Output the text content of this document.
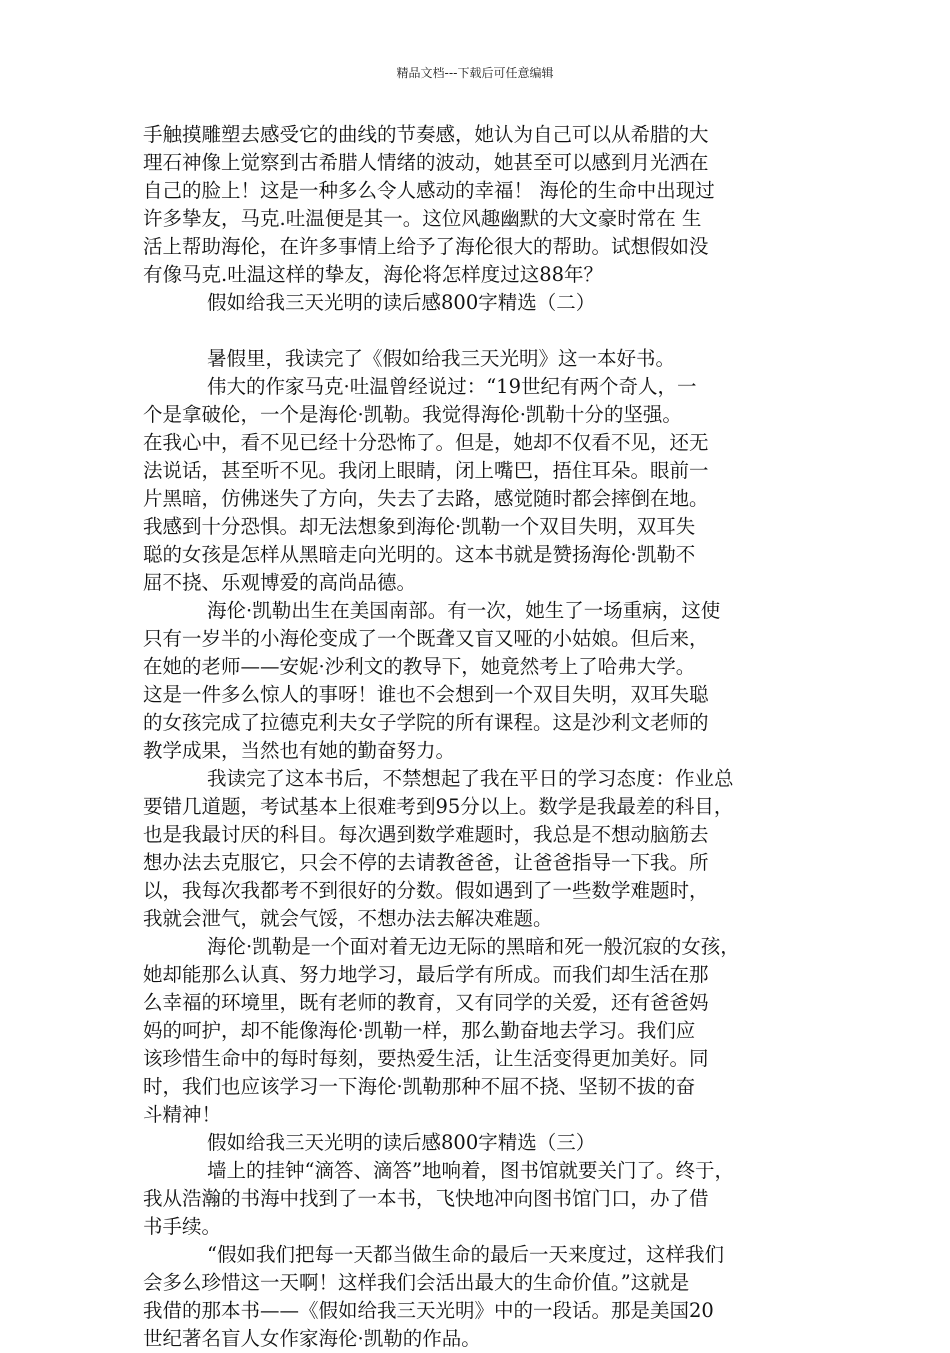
精品文档---下载后可任意编辑
手触摸雕塑去感受它的曲线的节奏感，她认为自己可以从希腊的大
理石神像上觉察到古希腊人情绪的波动，她甚至可以感到月光洒在
自己的脸上！这是一种多么令人感动的幸福！ 海伦的生命中出现过
许多挚友，马克.吐温便是其一。这位风趣幽默的大文豪时常在 生
活上帮助海伦，在许多事情上给予了海伦很大的帮助。试想假如没
有像马克.吐温这样的挚友，海伦将怎样度过这88年？
假如给我三天光明的读后感800字精选（二）
暑假里，我读完了《假如给我三天光明》这一本好书。
伟大的作家马克·吐温曾经说过：“19世纪有两个奇人，一
个是拿破伦，一个是海伦·凯勒。我觉得海伦·凯勒十分的坚强。
在我心中，看不见已经十分恐怖了。但是，她却不仅看不见，还无
法说话，甚至听不见。我闭上眼睛，闭上嘴巴，捂住耳朵。眼前一
片黑暗，仿佛迷失了方向，失去了去路，感觉随时都会摔倒在地。
我感到十分恐惧。却无法想象到海伦·凯勒一个双目失明，双耳失
聪的女孩是怎样从黑暗走向光明的。这本书就是赞扬海伦·凯勒不
屈不挠、乐观博爱的高尚品德。
海伦·凯勒出生在美国南部。有一次，她生了一场重病，这使
只有一岁半的小海伦变成了一个既聋又盲又哑的小姑娘。但后来，
在她的老师——安妮·沙利文的教导下，她竟然考上了哈弗大学。
这是一件多么惊人的事呀！谁也不会想到一个双目失明，双耳失聪
的女孩完成了拉德克利夫女子学院的所有课程。这是沙利文老师的
教学成果，当然也有她的勤奋努力。
我读完了这本书后，不禁想起了我在平日的学习态度：作业总
要错几道题，考试基本上很难考到95分以上。数学是我最差的科目，
也是我最讨厌的科目。每次遇到数学难题时，我总是不想动脑筋去
想办法去克服它，只会不停的去请教爸爸，让爸爸指导一下我。所
以，我每次我都考不到很好的分数。假如遇到了一些数学难题时，
我就会泄气，就会气馁，不想办法去解决难题。
海伦·凯勒是一个面对着无边无际的黑暗和死一般沉寂的女孩，
她却能那么认真、努力地学习，最后学有所成。而我们却生活在那
么幸福的环境里，既有老师的教育，又有同学的关爱，还有爸爸妈
妈的呵护，却不能像海伦·凯勒一样，那么勤奋地去学习。我们应
该珍惜生命中的每时每刻，要热爱生活，让生活变得更加美好。同
时，我们也应该学习一下海伦·凯勒那种不屈不挠、坚韧不拔的奋
斗精神！
假如给我三天光明的读后感800字精选（三）
墙上的挂钟“滴答、滴答”地响着，图书馆就要关门了。终于，
我从浩瀚的书海中找到了一本书，飞快地冲向图书馆门口，办了借
书手续。
“假如我们把每一天都当做生命的最后一天来度过，这样我们
会多么珍惜这一天啊！这样我们会活出最大的生命价值。”这就是
我借的那本书——《假如给我三天光明》中的一段话。那是美国20
世纪著名盲人女作家海伦·凯勒的作品。
